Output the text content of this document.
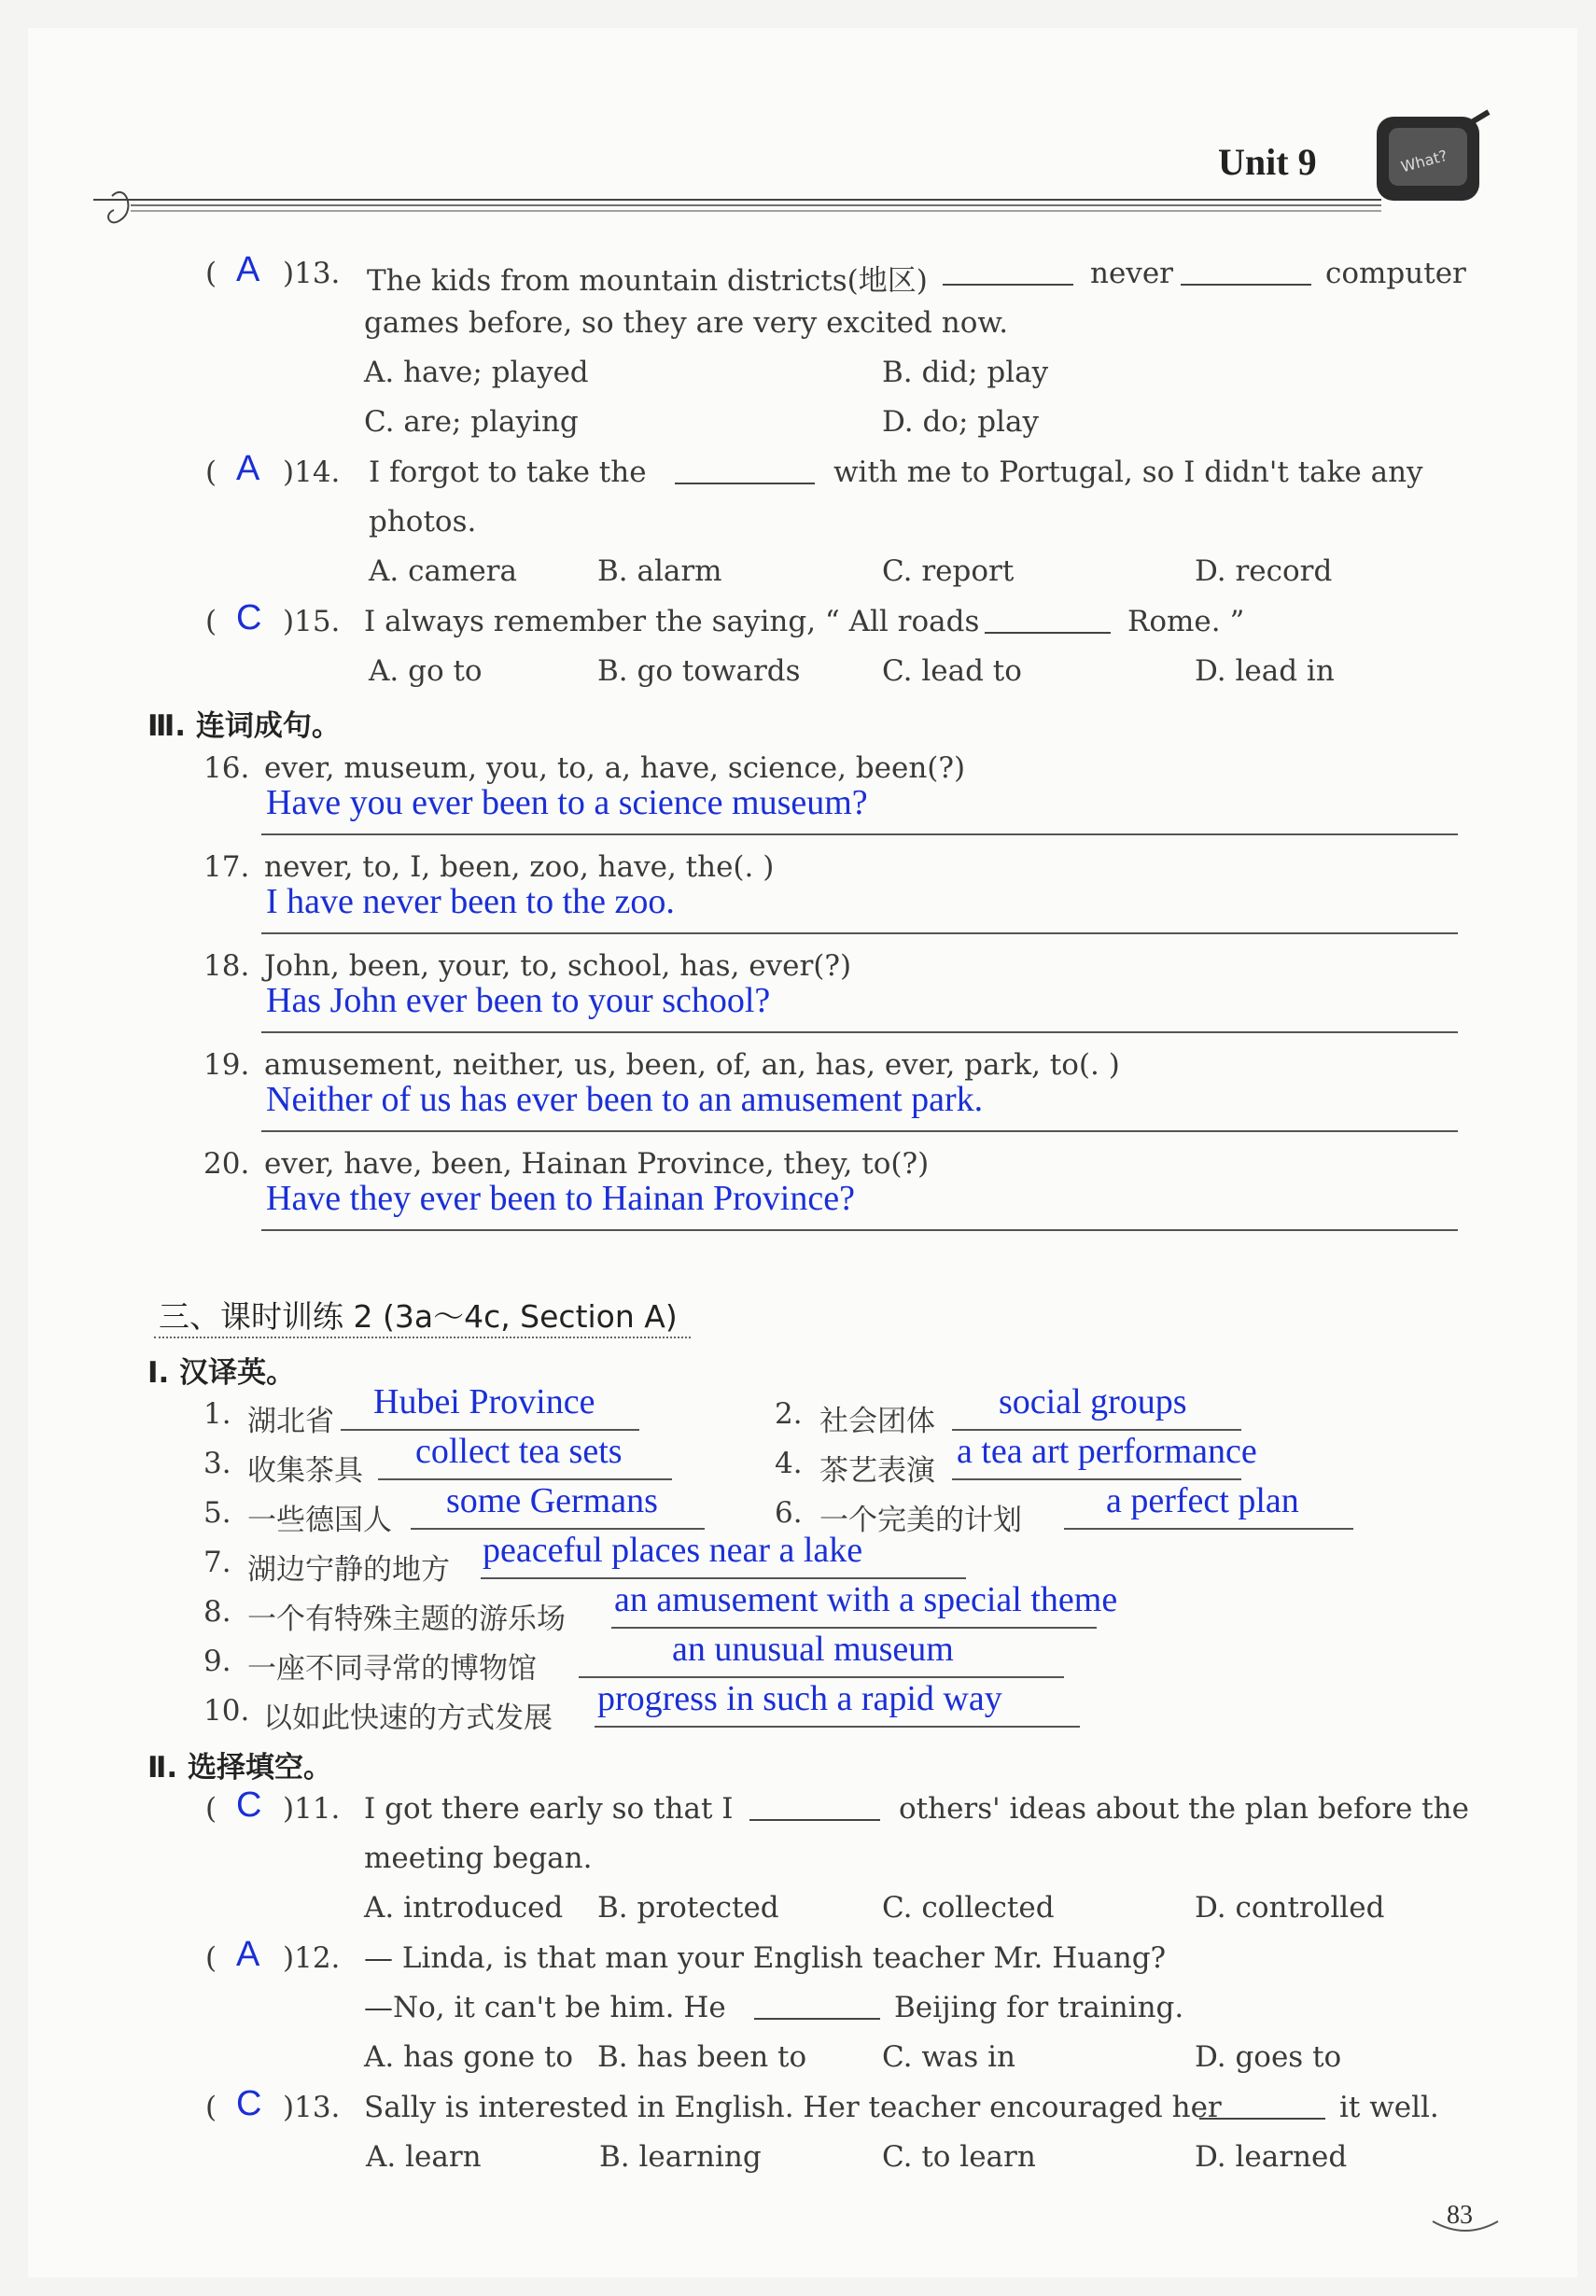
Unit 9	What?
( A )13. The kids from mountain districts(地区)	never	computer
games before, so they are very excited now.
A. have; played	B. did; play
C. are; playing	D. do; play
( A )14. I forgot to take the	with me to Portugal, so I didn't take any
photos.
A. camera	B. alarm	C. report	D. record
( C )15. I always remember the saying, “ All roads	Rome. ”
A. go to	B. go towards	C. lead to	D. lead in
Ⅲ. 连词成句。
16. ever, museum, you, to, a, have, science, been(?)
Have you ever been to a science museum?
17. never, to, I, been, zoo, have, the(. )
I have never been to the zoo.
18. John, been, your, to, school, has, ever(?)
Has John ever been to your school?
19. amusement, neither, us, been, of, an, has, ever, park, to(. )
Neither of us has ever been to an amusement park.
20. ever, have, been, Hainan Province, they, to(?)
Have they ever been to Hainan Province?
三、课时训练 2 (3a～4c, Section A)
Ⅰ. 汉译英。
1. 湖北省 Hubei Province	2. 社会团体 social groups
3. 收集茶具 collect tea sets	4. 茶艺表演 a tea art performance
5. 一些德国人 some Germans	6. 一个完美的计划 a perfect plan
7. 湖边宁静的地方 peaceful places near a lake
8. 一个有特殊主题的游乐场 an amusement with a special theme
9. 一座不同寻常的博物馆	an unusual museum
10. 以如此快速的方式发展 progress in such a rapid way
Ⅱ. 选择填空。
( C )11. I got there early so that I	others' ideas about the plan before the
meeting began.
A. introduced B. protected	C. collected	D. controlled
( A )12. — Linda, is that man your English teacher Mr. Huang?
—No, it can't be him. He	Beijing for training.
A. has gone to B. has been to	C. was in	D. goes to
( C )13. Sally is interested in English. Her teacher encouraged her	it well.
A. learn	B. learning	C. to learn	D. learned
83
